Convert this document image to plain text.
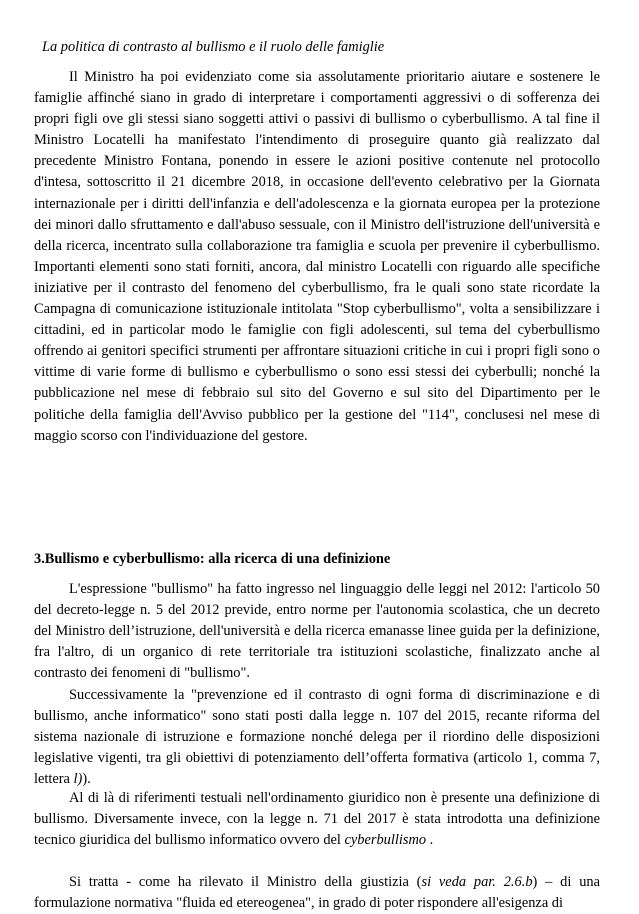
La politica di contrasto al bullismo e il ruolo delle famiglie

Il Ministro ha poi evidenziato come sia assolutamente prioritario aiutare e sostenere le famiglie affinché siano in grado di interpretare i comportamenti aggressivi o di sofferenza dei propri figli ove gli stessi siano soggetti attivi o passivi di bullismo o cyberbullismo. A tal fine il Ministro Locatelli ha manifestato l'intendimento di proseguire quanto già realizzato dal precedente Ministro Fontana, ponendo in essere le azioni positive contenute nel protocollo d'intesa, sottoscritto il 21 dicembre 2018, in occasione dell'evento celebrativo per la Giornata internazionale per i diritti dell'infanzia e dell'adolescenza e la giornata europea per la protezione dei minori dallo sfruttamento e dall'abuso sessuale, con il Ministro dell'istruzione dell'università e della ricerca, incentrato sulla collaborazione tra famiglia e scuola per prevenire il cyberbullismo. Importanti elementi sono stati forniti, ancora, dal ministro Locatelli con riguardo alle specifiche iniziative per il contrasto del fenomeno del cyberbullismo, fra le quali sono state ricordate la Campagna di comunicazione istituzionale intitolata "Stop cyberbullismo", volta a sensibilizzare i cittadini, ed in particolar modo le famiglie con figli adolescenti, sul tema del cyberbullismo offrendo ai genitori specifici strumenti per affrontare situazioni critiche in cui i propri figli sono o vittime di varie forme di bullismo e cyberbullismo o sono essi stessi dei cyberbulli; nonché la pubblicazione nel mese di febbraio sul sito del Governo e sul sito del Dipartimento per le politiche della famiglia dell'Avviso pubblico per la gestione del "114", conclusesi nel mese di maggio scorso con l'individuazione del gestore.

3.Bullismo e cyberbullismo: alla ricerca di una definizione

L'espressione "bullismo" ha fatto ingresso nel linguaggio delle leggi nel 2012: l'articolo 50 del decreto-legge n. 5 del 2012 previde, entro norme per l'autonomia scolastica, che un decreto del Ministro dell’istruzione, dell'università e della ricerca emanasse linee guida per la definizione, fra l'altro, di un organico di rete territoriale tra istituzioni scolastiche, finalizzato anche al contrasto dei fenomeni di "bullismo".

Successivamente la "prevenzione ed il contrasto di ogni forma di discriminazione e di bullismo, anche informatico" sono stati posti dalla legge n. 107 del 2015, recante riforma del sistema nazionale di istruzione e formazione nonché delega per il riordino delle disposizioni legislative vigenti, tra gli obiettivi di potenziamento dell’offerta formativa (articolo 1, comma 7, lettera l)).

Al di là di riferimenti testuali nell'ordinamento giuridico non è presente una definizione di bullismo. Diversamente invece, con la legge n. 71 del 2017 è stata introdotta una definizione tecnico giuridica del bullismo informatico ovvero del cyberbullismo .

Si tratta - come ha rilevato il Ministro della giustizia (si veda par. 2.6.b) – di una formulazione normativa "fluida ed etereogenea", in grado di poter rispondere all'esigenza di
